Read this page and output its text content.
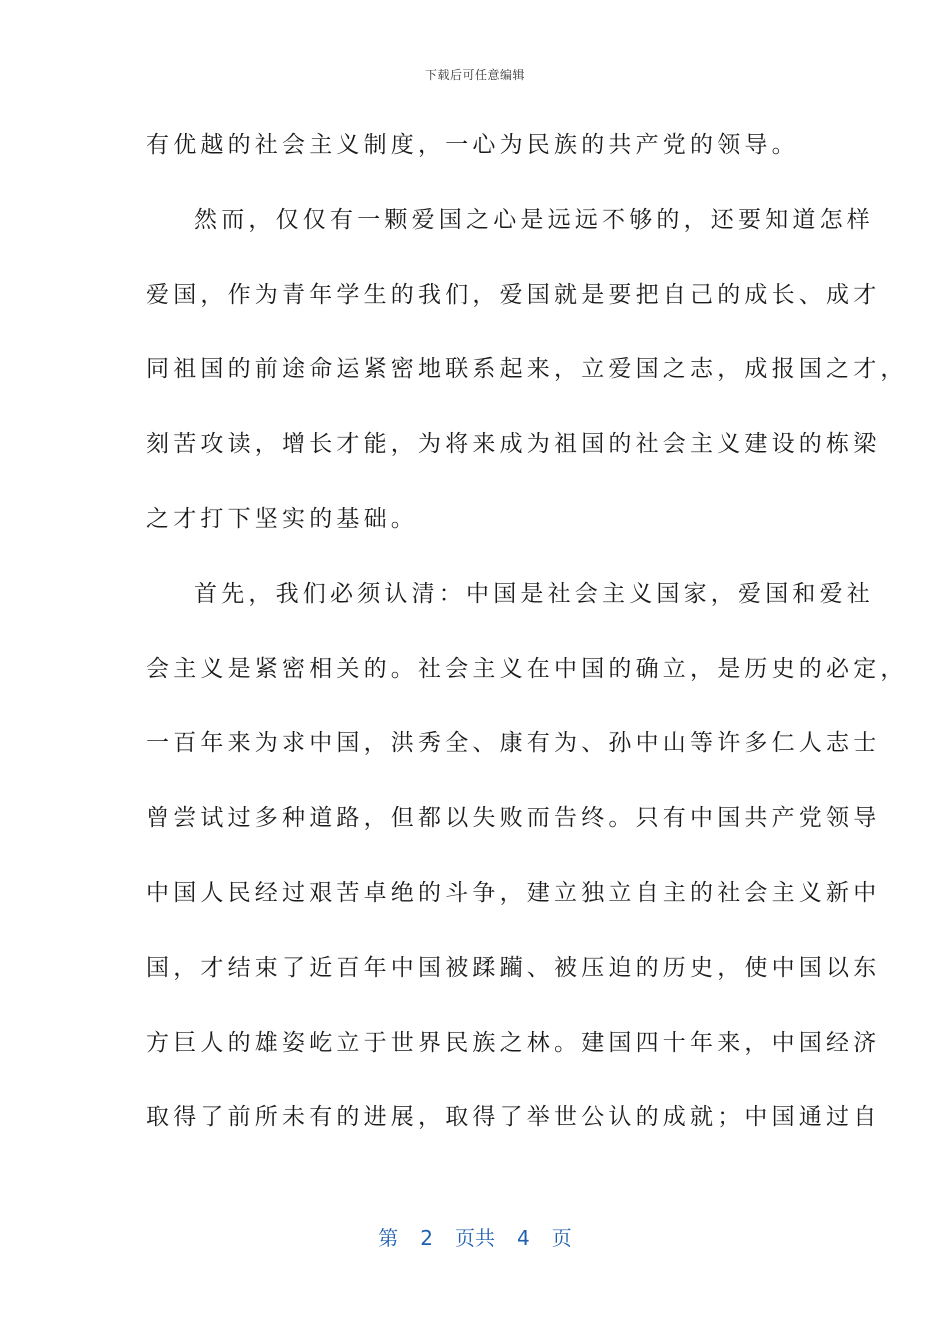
下载后可任意编辑
有优越的社会主义制度，一心为民族的共产党的领导。
然而，仅仅有一颗爱国之心是远远不够的，还要知道怎样
爱国，作为青年学生的我们，爱国就是要把自己的成长、成才
同祖国的前途命运紧密地联系起来，立爱国之志，成报国之才，
刻苦攻读，增长才能，为将来成为祖国的社会主义建设的栋梁
之才打下坚实的基础。
首先，我们必须认清：中国是社会主义国家，爱国和爱社
会主义是紧密相关的。社会主义在中国的确立，是历史的必定，
一百年来为求中国，洪秀全、康有为、孙中山等许多仁人志士
曾尝试过多种道路，但都以失败而告终。只有中国共产党领导
中国人民经过艰苦卓绝的斗争，建立独立自主的社会主义新中
国，才结束了近百年中国被蹂躏、被压迫的历史，使中国以东
方巨人的雄姿屹立于世界民族之林。建国四十年来，中国经济
取得了前所未有的进展，取得了举世公认的成就；中国通过自
第 2 页共 4 页
